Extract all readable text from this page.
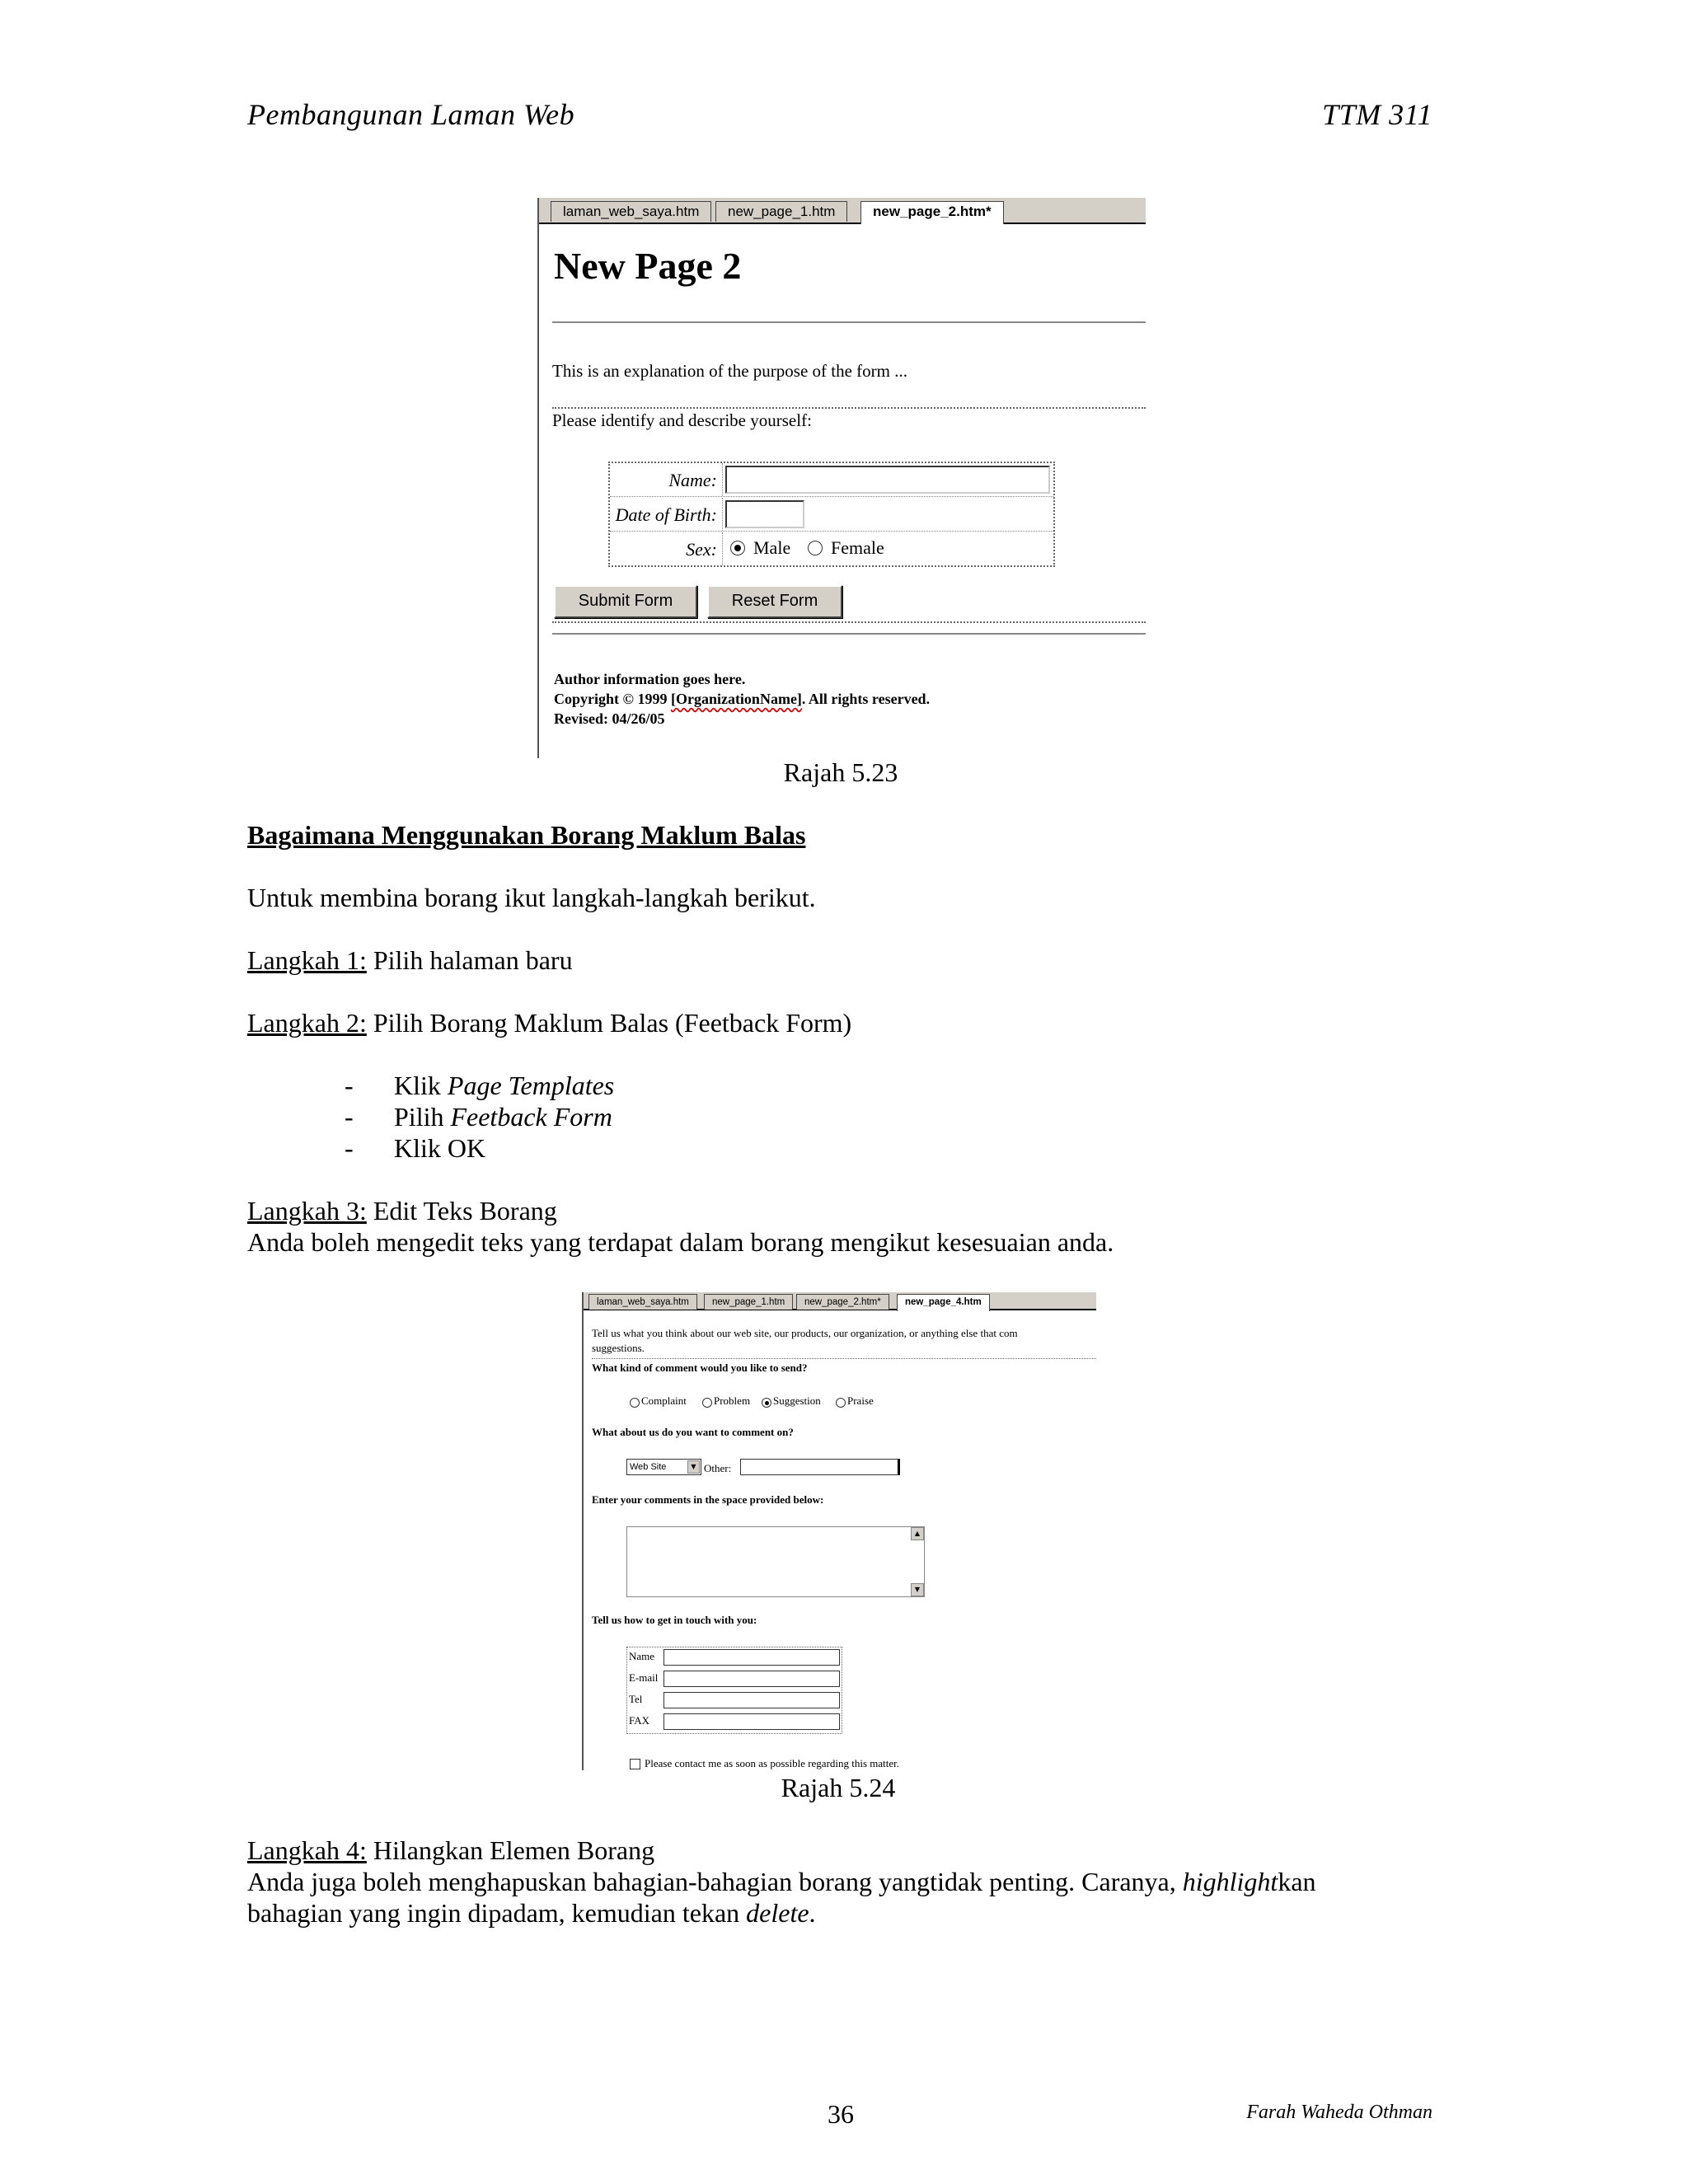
Pembangunan Laman Web	TTM 311
laman_web_saya.htm	new_page_1.htm	new_page_2.htm*
New Page 2
This is an explanation of the purpose of the form ...
Please identify and describe yourself:
Name:
Date of Birth:
Sex: Male Female
Submit Form	Reset Form
Author information goes here.
Copyright © 1999 [OrganizationName]. All rights reserved.
Revised: 04/26/05
Rajah 5.23
Bagaimana Menggunakan Borang Maklum Balas
Untuk membina borang ikut langkah-langkah berikut.
Langkah 1: Pilih halaman baru
Langkah 2: Pilih Borang Maklum Balas (Feetback Form)
- Klik Page Templates
- Pilih Feetback Form
- Klik OK
Langkah 3: Edit Teks Borang
Anda boleh mengedit teks yang terdapat dalam borang mengikut kesesuaian anda.
laman_web_saya.htm	new_page_1.htm	new_page_2.htm*	new_page_4.htm
Tell us what you think about our web site, our products, our organization, or anything else that com
suggestions.
What kind of comment would you like to send?
Complaint	Problem Suggestion Praise
What about us do you want to comment on?
Web Site	▼ Other:
Enter your comments in the space provided below:
▲
▼
Tell us how to get in touch with you:
Name
E-mail
Tel
FAX
Please contact me as soon as possible regarding this matter.
Rajah 5.24
Langkah 4: Hilangkan Elemen Borang
Anda juga boleh menghapuskan bahagian-bahagian borang yangtidak penting. Caranya, highlightkan
bahagian yang ingin dipadam, kemudian tekan delete.
36	Farah Waheda Othman
